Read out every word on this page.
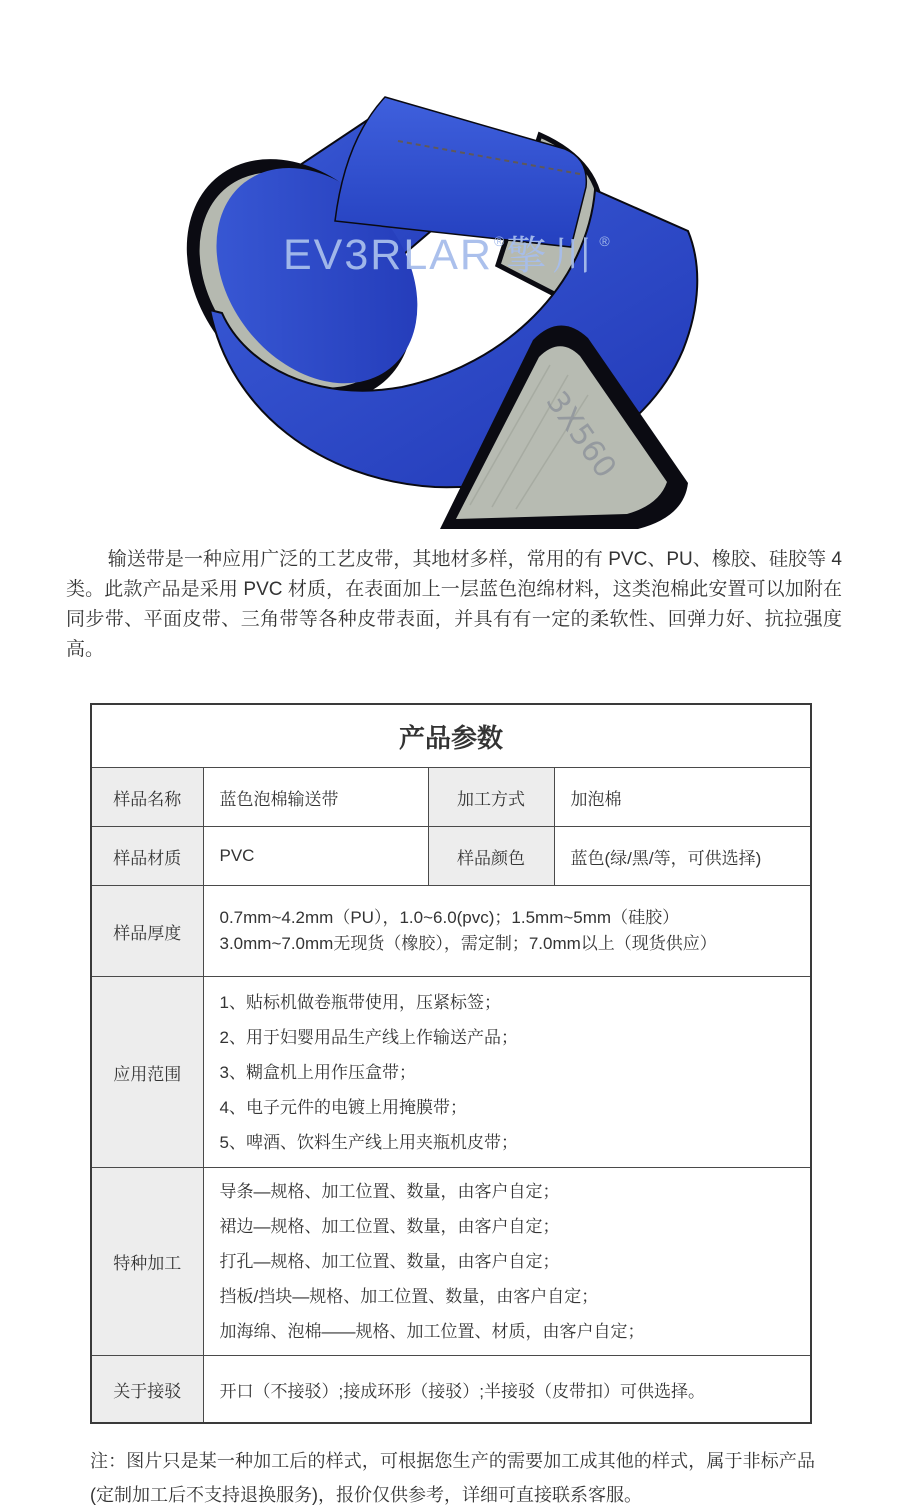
3X560
EV3RLAR ® 擎川 ®

输送带是一种应用广泛的工艺皮带，其地材多样，常用的有 PVC、PU、橡胶、硅胶等 4 类。此款产品是采用 PVC 材质，在表面加上一层蓝色泡绵材料，这类泡棉此安置可以加附在同步带、平面皮带、三角带等各种皮带表面，并具有有一定的柔软性、回弹力好、抗拉强度高。

产品参数			
样品名称	蓝色泡棉输送带	加工方式	加泡棉
样品材质	PVC	样品颜色	蓝色(绿/黑/等，可供选择)
样品厚度	0.7mm~4.2mm（PU），1.0~6.0(pvc)；1.5mm~5mm（硅胶）
3.0mm~7.0mm无现货（橡胶），需定制；7.0mm以上（现货供应）		

应用范围	1、贴标机做卷瓶带使用，压紧标签；
2、用于妇婴用品生产线上作输送产品；
3、糊盒机上用作压盒带；
4、电子元件的电镀上用掩膜带；
5、啤酒、饮料生产线上用夹瓶机皮带；		

特种加工	导条—规格、加工位置、数量，由客户自定；
裙边—规格、加工位置、数量，由客户自定；
打孔—规格、加工位置、数量，由客户自定；
挡板/挡块—规格、加工位置、数量，由客户自定；
加海绵、泡棉——规格、加工位置、材质，由客户自定；		

关于接驳	开口（不接驳）;接成环形（接驳）;半接驳（皮带扣）可供选择。		

注：图片只是某一种加工后的样式，可根据您生产的需要加工成其他的样式，属于非标产品(定制加工后不支持退换服务)，报价仅供参考，详细可直接联系客服。
